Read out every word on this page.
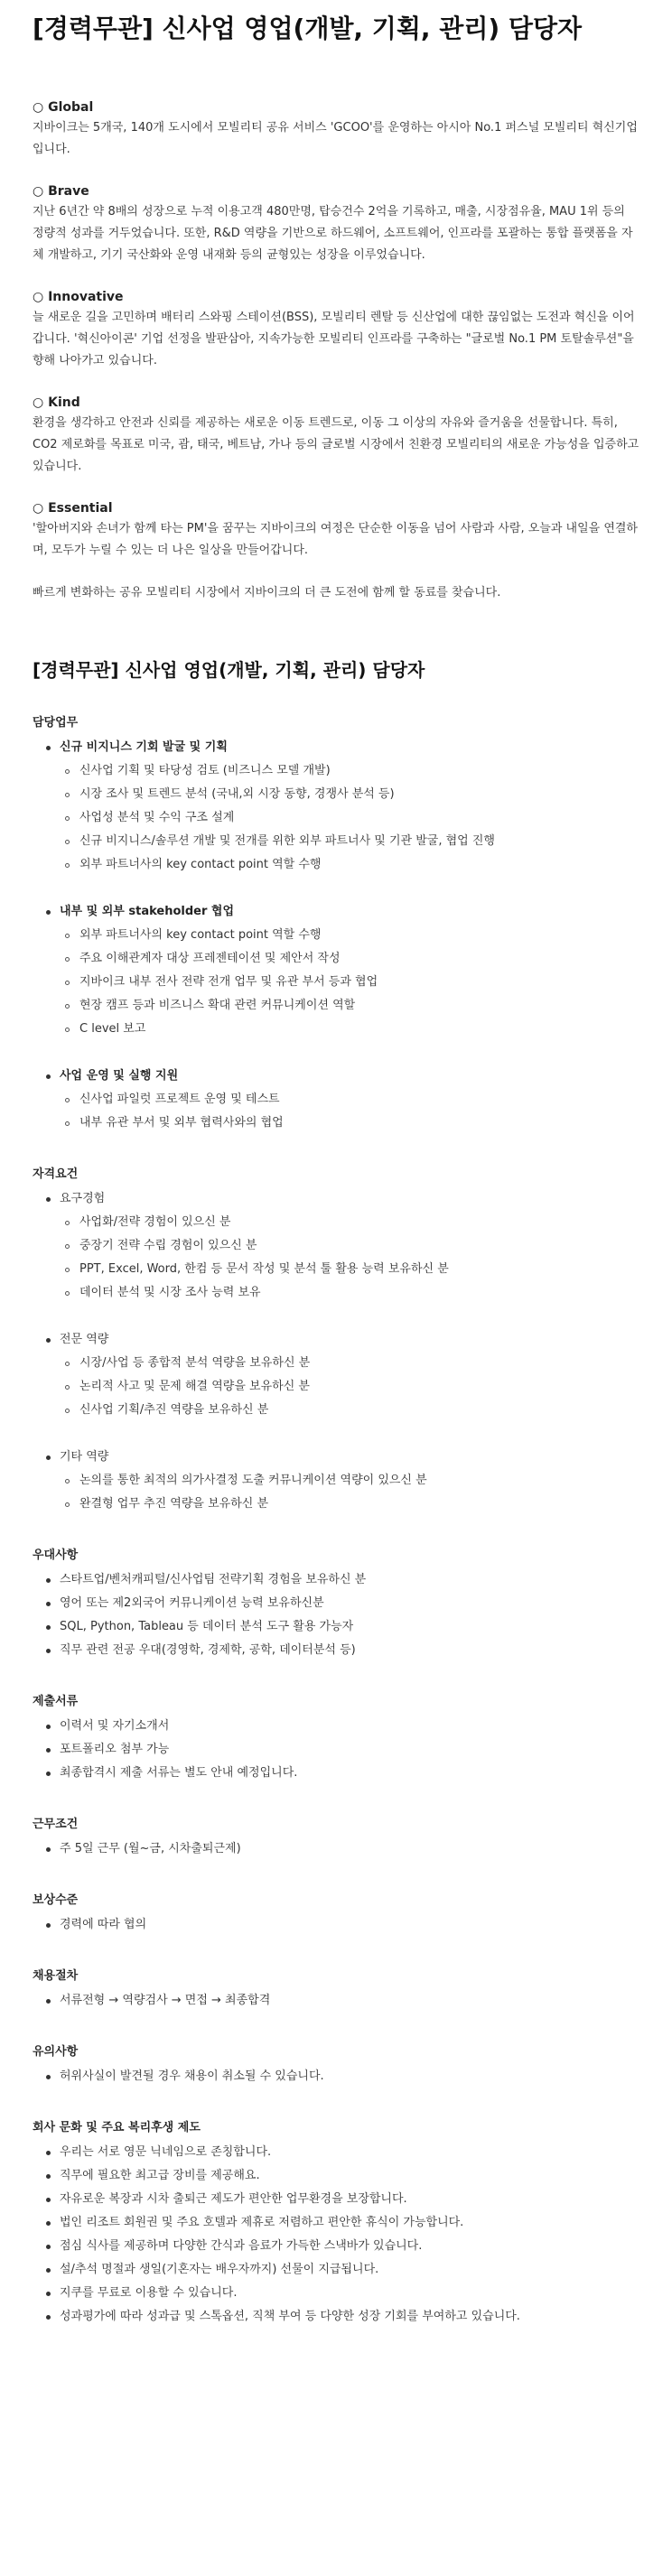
[경력무관] 신사업 영업(개발, 기획, 관리) 담당자
○ Global
지바이크는 5개국, 140개 도시에서 모빌리티 공유 서비스 'GCOO'를 운영하는 아시아 No.1 퍼스널 모빌리티 혁신기업 입니다.
○ Brave
지난 6년간 약 8배의 성장으로 누적 이용고객 480만명, 탑승건수 2억을 기록하고, 매출, 시장점유율, MAU 1위 등의 정량적 성과를 거두었습니다. 또한, R&D 역량을 기반으로 하드웨어, 소프트웨어, 인프라를 포괄하는 통합 플랫폼을 자체 개발하고, 기기 국산화와 운영 내재화 등의 균형있는 성장을 이루었습니다.
○ Innovative
늘 새로운 길을 고민하며 배터리 스와핑 스테이션(BSS), 모빌리티 렌탈 등 신산업에 대한 끊임없는 도전과 혁신을 이어갑니다. '혁신아이콘' 기업 선정을 발판삼아, 지속가능한 모빌리티 인프라를 구축하는 "글로벌 No.1 PM 토탈솔루션"을 향해 나아가고 있습니다.
○ Kind
환경을 생각하고 안전과 신뢰를 제공하는 새로운 이동 트렌드로, 이동 그 이상의 자유와 즐거움을 선물합니다. 특히, CO2 제로화를 목표로 미국, 괌, 태국, 베트남, 가나 등의 글로벌 시장에서 친환경 모빌리티의 새로운 가능성을 입증하고 있습니다.
○ Essential
'할아버지와 손녀가 함께 타는 PM'을 꿈꾸는 지바이크의 여정은 단순한 이동을 넘어 사람과 사람, 오늘과 내일을 연결하며, 모두가 누릴 수 있는 더 나은 일상을 만들어갑니다.
빠르게 변화하는 공유 모빌리티 시장에서 지바이크의 더 큰 도전에 함께 할 동료를 찾습니다.
[경력무관] 신사업 영업(개발, 기획, 관리) 담당자
담당업무
신규 비지니스 기회 발굴 및 기획
신사업 기획 및 타당성 검토 (비즈니스 모델 개발)
시장 조사 및 트렌드 분석 (국내,외 시장 동향, 경쟁사 분석 등)
사업성 분석 및 수익 구조 설계
신규 비지니스/솔루션 개발 및 전개를 위한 외부 파트너사 및 기관 발굴, 협업 진행
외부 파트너사의 key contact point 역할 수행
내부 및 외부 stakeholder 협업
외부 파트너사의 key contact point 역할 수행
주요 이해관계자 대상 프레젠테이션 및 제안서 작성
지바이크 내부 전사 전략 전개 업무 및 유관 부서 등과 협업
현장 캠프 등과 비즈니스 확대 관련 커뮤니케이션 역할
C level 보고
사업 운영 및 실행 지원
신사업 파일럿 프로젝트 운영 및 테스트
내부 유관 부서 및 외부 협력사와의 협업
자격요건
요구경험
사업화/전략 경험이 있으신 분
중장기 전략 수립 경험이 있으신 분
PPT, Excel, Word, 한컴 등 문서 작성 및 분석 툴 활용 능력 보유하신 분
데이터 분석 및 시장 조사 능력 보유
전문 역량
시장/사업 등 종합적 분석 역량을 보유하신 분
논리적 사고 및 문제 해결 역량을 보유하신 분
신사업 기획/추진 역량을 보유하신 분
기타 역량
논의를 통한 최적의 의가사결정 도출 커뮤니케이션 역량이 있으신 분
완결형 업무 추진 역량을 보유하신 분
우대사항
스타트업/벤처캐피털/신사업팀 전략기획 경험을 보유하신 분
영어 또는 제2외국어 커뮤니케이션 능력 보유하신분
SQL, Python, Tableau 등 데이터 분석 도구 활용 가능자
직무 관련 전공 우대(경영학, 경제학, 공학, 데이터분석 등)
제출서류
이력서 및 자기소개서
포트폴리오 첨부 가능
최종합격시 제출 서류는 별도 안내 예정입니다.
근무조건
주 5일 근무 (월~금, 시차출퇴근제)
보상수준
경력에 따라 협의
채용절차
서류전형 → 역량검사 → 면접 → 최종합격
유의사항
허위사실이 발견될 경우 채용이 취소될 수 있습니다.
회사 문화 및 주요 복리후생 제도
우리는 서로 영문 닉네임으로 존칭합니다.
직무에 필요한 최고급 장비를 제공해요.
자유로운 복장과 시차 출퇴근 제도가 편안한 업무환경을 보장합니다.
법인 리조트 회원권 및 주요 호텔과 제휴로 저렴하고 편안한 휴식이 가능합니다.
점심 식사를 제공하며 다양한 간식과 음료가 가득한 스낵바가 있습니다.
설/추석 명절과 생일(기혼자는 배우자까지) 선물이 지급됩니다.
지쿠를 무료로 이용할 수 있습니다.
성과평가에 따라 성과급 및 스톡옵션, 직책 부여 등 다양한 성장 기회를 부여하고 있습니다.
